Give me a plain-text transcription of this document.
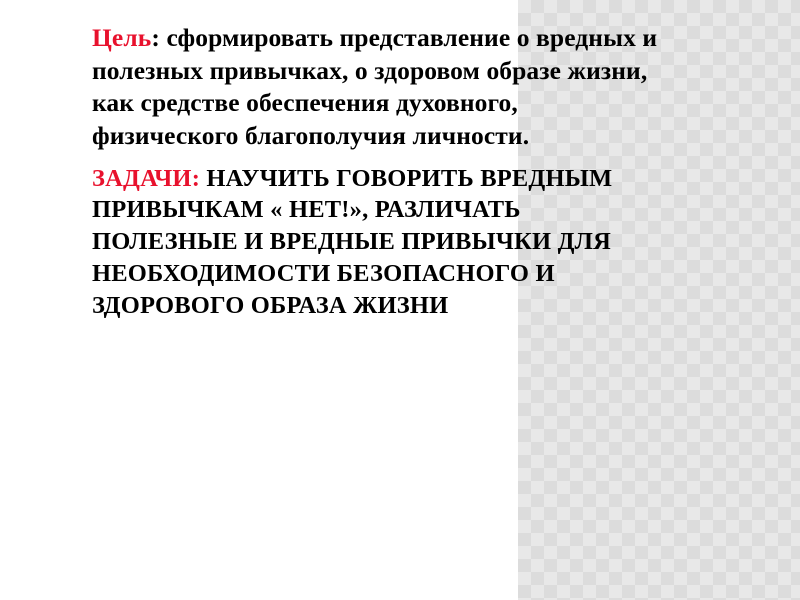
Цель: сформировать представление о вредных и полезных привычках, о здоровом образе жизни, как средстве обеспечения духовного, физического благополучия личности.

ЗАДАЧИ: НАУЧИТЬ ГОВОРИТЬ ВРЕДНЫМ ПРИВЫЧКАМ « НЕТ!», РАЗЛИЧАТЬ ПОЛЕЗНЫЕ И ВРЕДНЫЕ ПРИВЫЧКИ ДЛЯ НЕОБХОДИМОСТИ БЕЗОПАСНОГО И ЗДОРОВОГО ОБРАЗА ЖИЗНИ
